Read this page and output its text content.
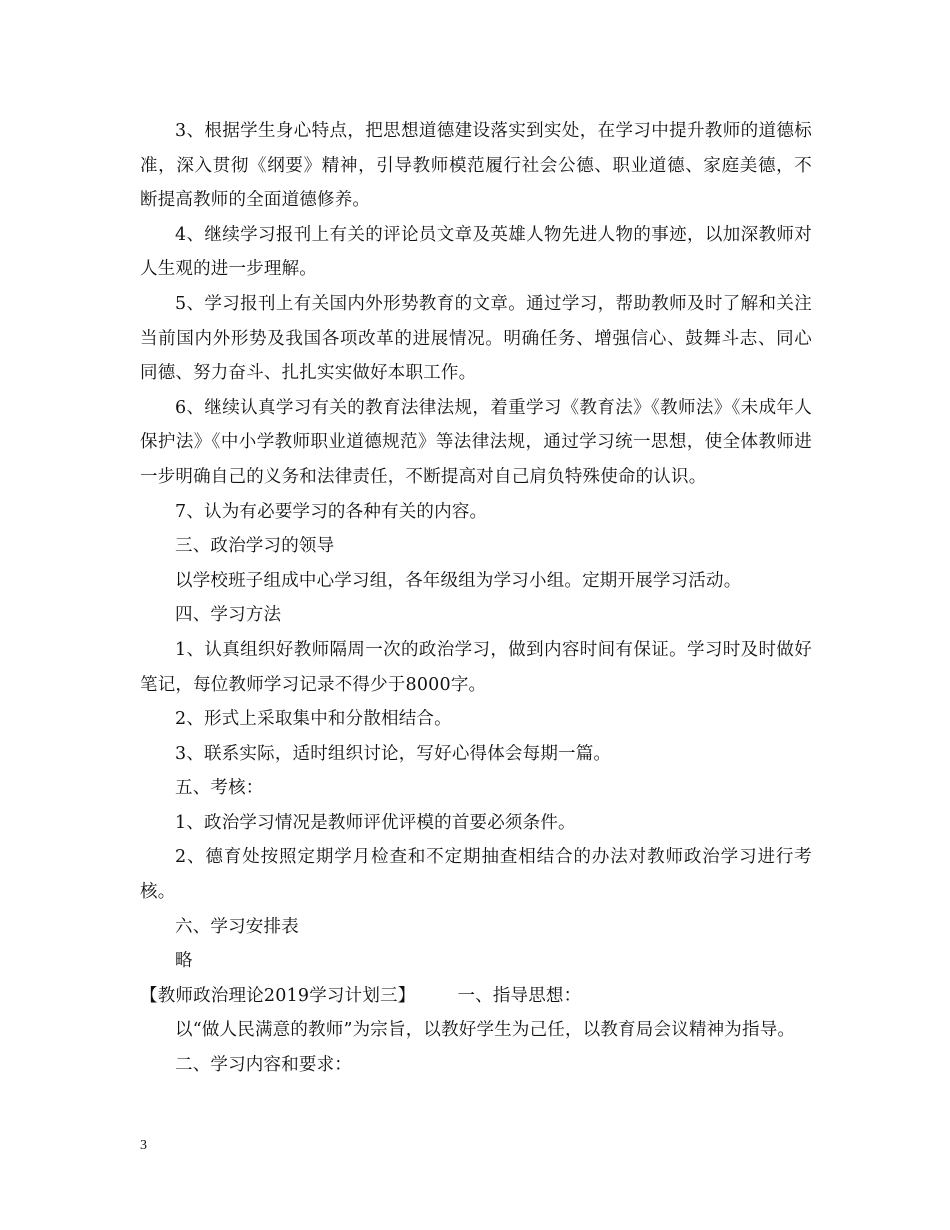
3、根据学生身心特点，把思想道德建设落实到实处，在学习中提升教师的道德标准，深入贯彻《纲要》精神，引导教师模范履行社会公德、职业道德、家庭美德，不断提高教师的全面道德修养。

4、继续学习报刊上有关的评论员文章及英雄人物先进人物的事迹，以加深教师对人生观的进一步理解。

5、学习报刊上有关国内外形势教育的文章。通过学习，帮助教师及时了解和关注当前国内外形势及我国各项改革的进展情况。明确任务、增强信心、鼓舞斗志、同心同德、努力奋斗、扎扎实实做好本职工作。

6、继续认真学习有关的教育法律法规，着重学习《教育法》《教师法》《未成年人保护法》《中小学教师职业道德规范》等法律法规，通过学习统一思想，使全体教师进一步明确自己的义务和法律责任，不断提高对自己肩负特殊使命的认识。

7、认为有必要学习的各种有关的内容。

三、政治学习的领导

以学校班子组成中心学习组，各年级组为学习小组。定期开展学习活动。

四、学习方法

1、认真组织好教师隔周一次的政治学习，做到内容时间有保证。学习时及时做好笔记，每位教师学习记录不得少于8000字。

2、形式上采取集中和分散相结合。

3、联系实际，适时组织讨论，写好心得体会每期一篇。

五、考核：

1、政治学习情况是教师评优评模的首要必须条件。

2、德育处按照定期学月检查和不定期抽查相结合的办法对教师政治学习进行考核。

六、学习安排表

略

【教师政治理论2019学习计划三】 一、指导思想：

以“做人民满意的教师”为宗旨，以教好学生为己任，以教育局会议精神为指导。

二、学习内容和要求：

3
